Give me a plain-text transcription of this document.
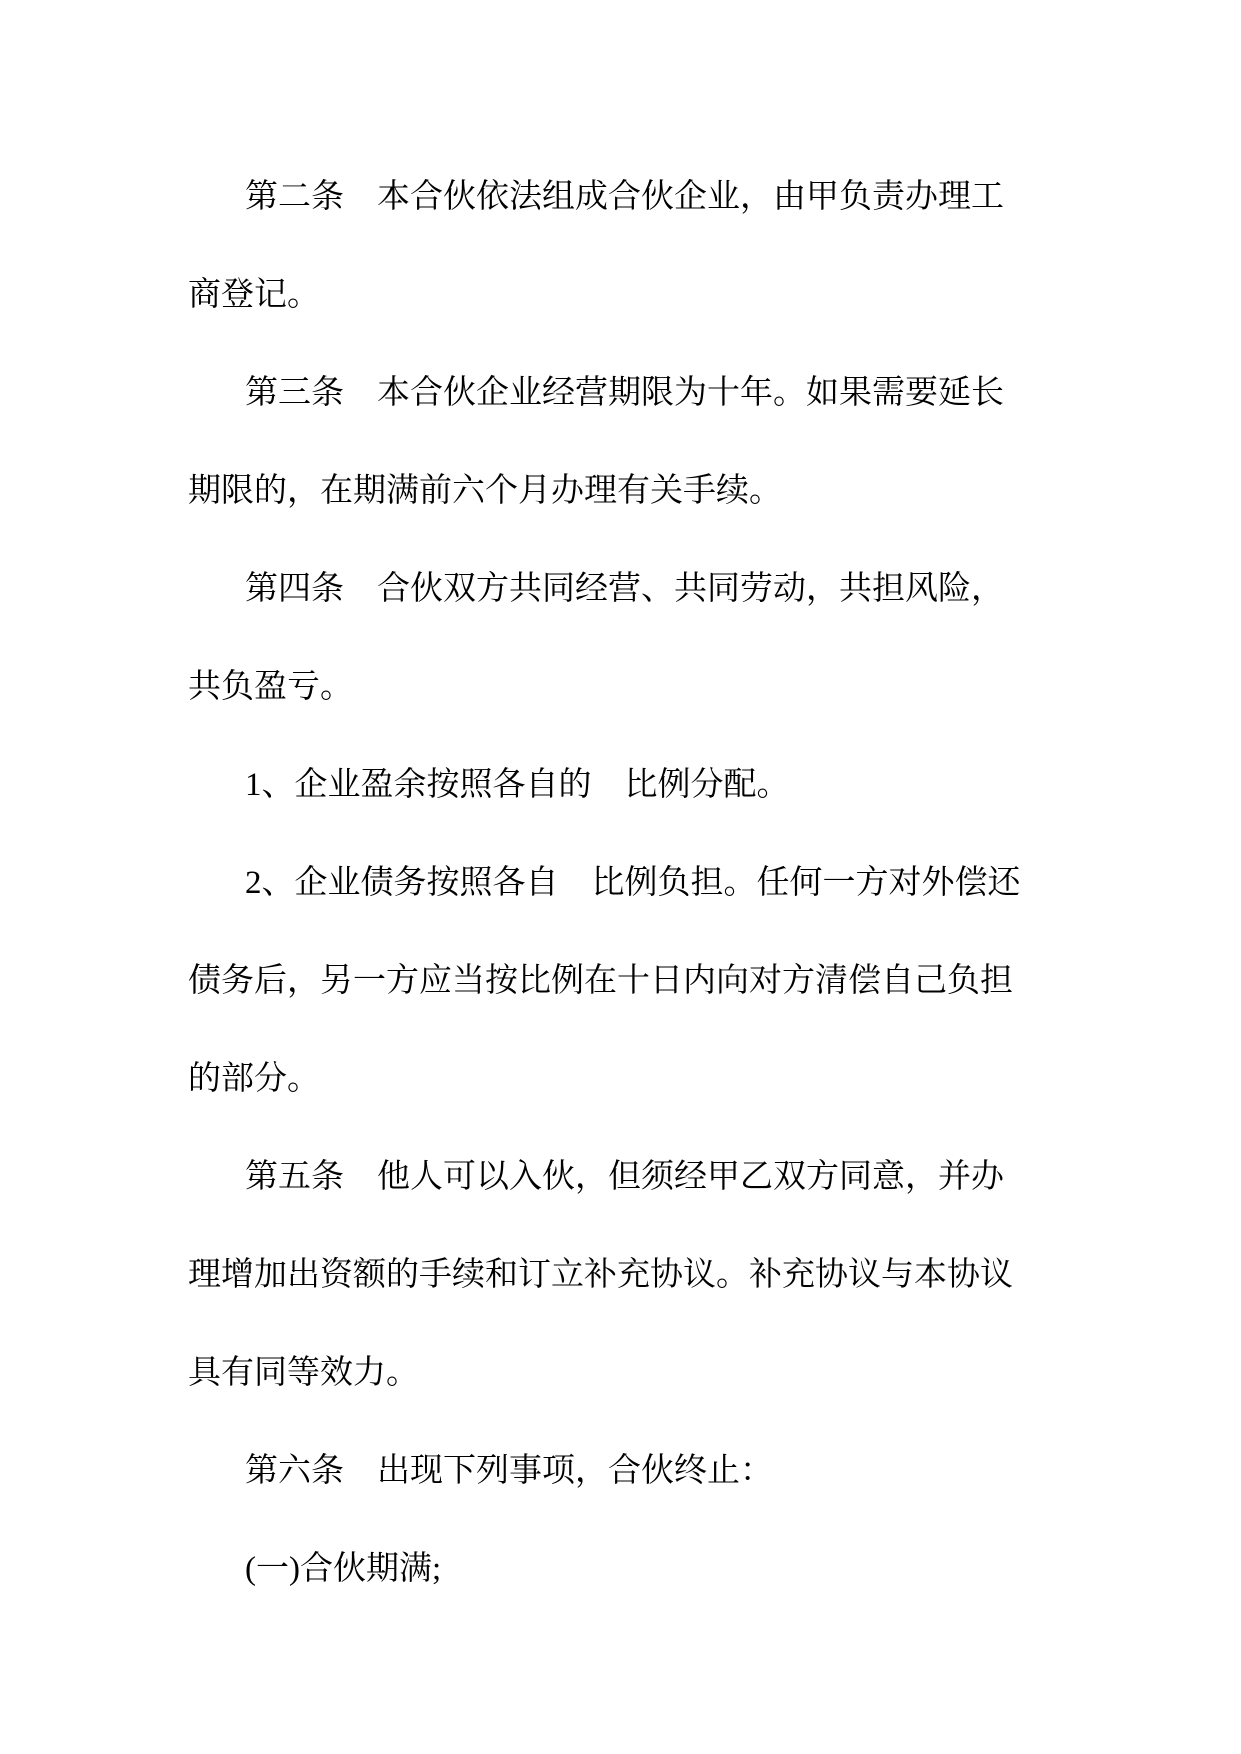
第二条　本合伙依法组成合伙企业，由甲负责办理工
商登记。
第三条　本合伙企业经营期限为十年。如果需要延长
期限的，在期满前六个月办理有关手续。
第四条　合伙双方共同经营、共同劳动，共担风险，
共负盈亏。
1、企业盈余按照各自的　比例分配。
2、企业债务按照各自　比例负担。任何一方对外偿还
债务后，另一方应当按比例在十日内向对方清偿自己负担
的部分。
第五条　他人可以入伙，但须经甲乙双方同意，并办
理增加出资额的手续和订立补充协议。补充协议与本协议
具有同等效力。
第六条　出现下列事项，合伙终止：
(一)合伙期满;
